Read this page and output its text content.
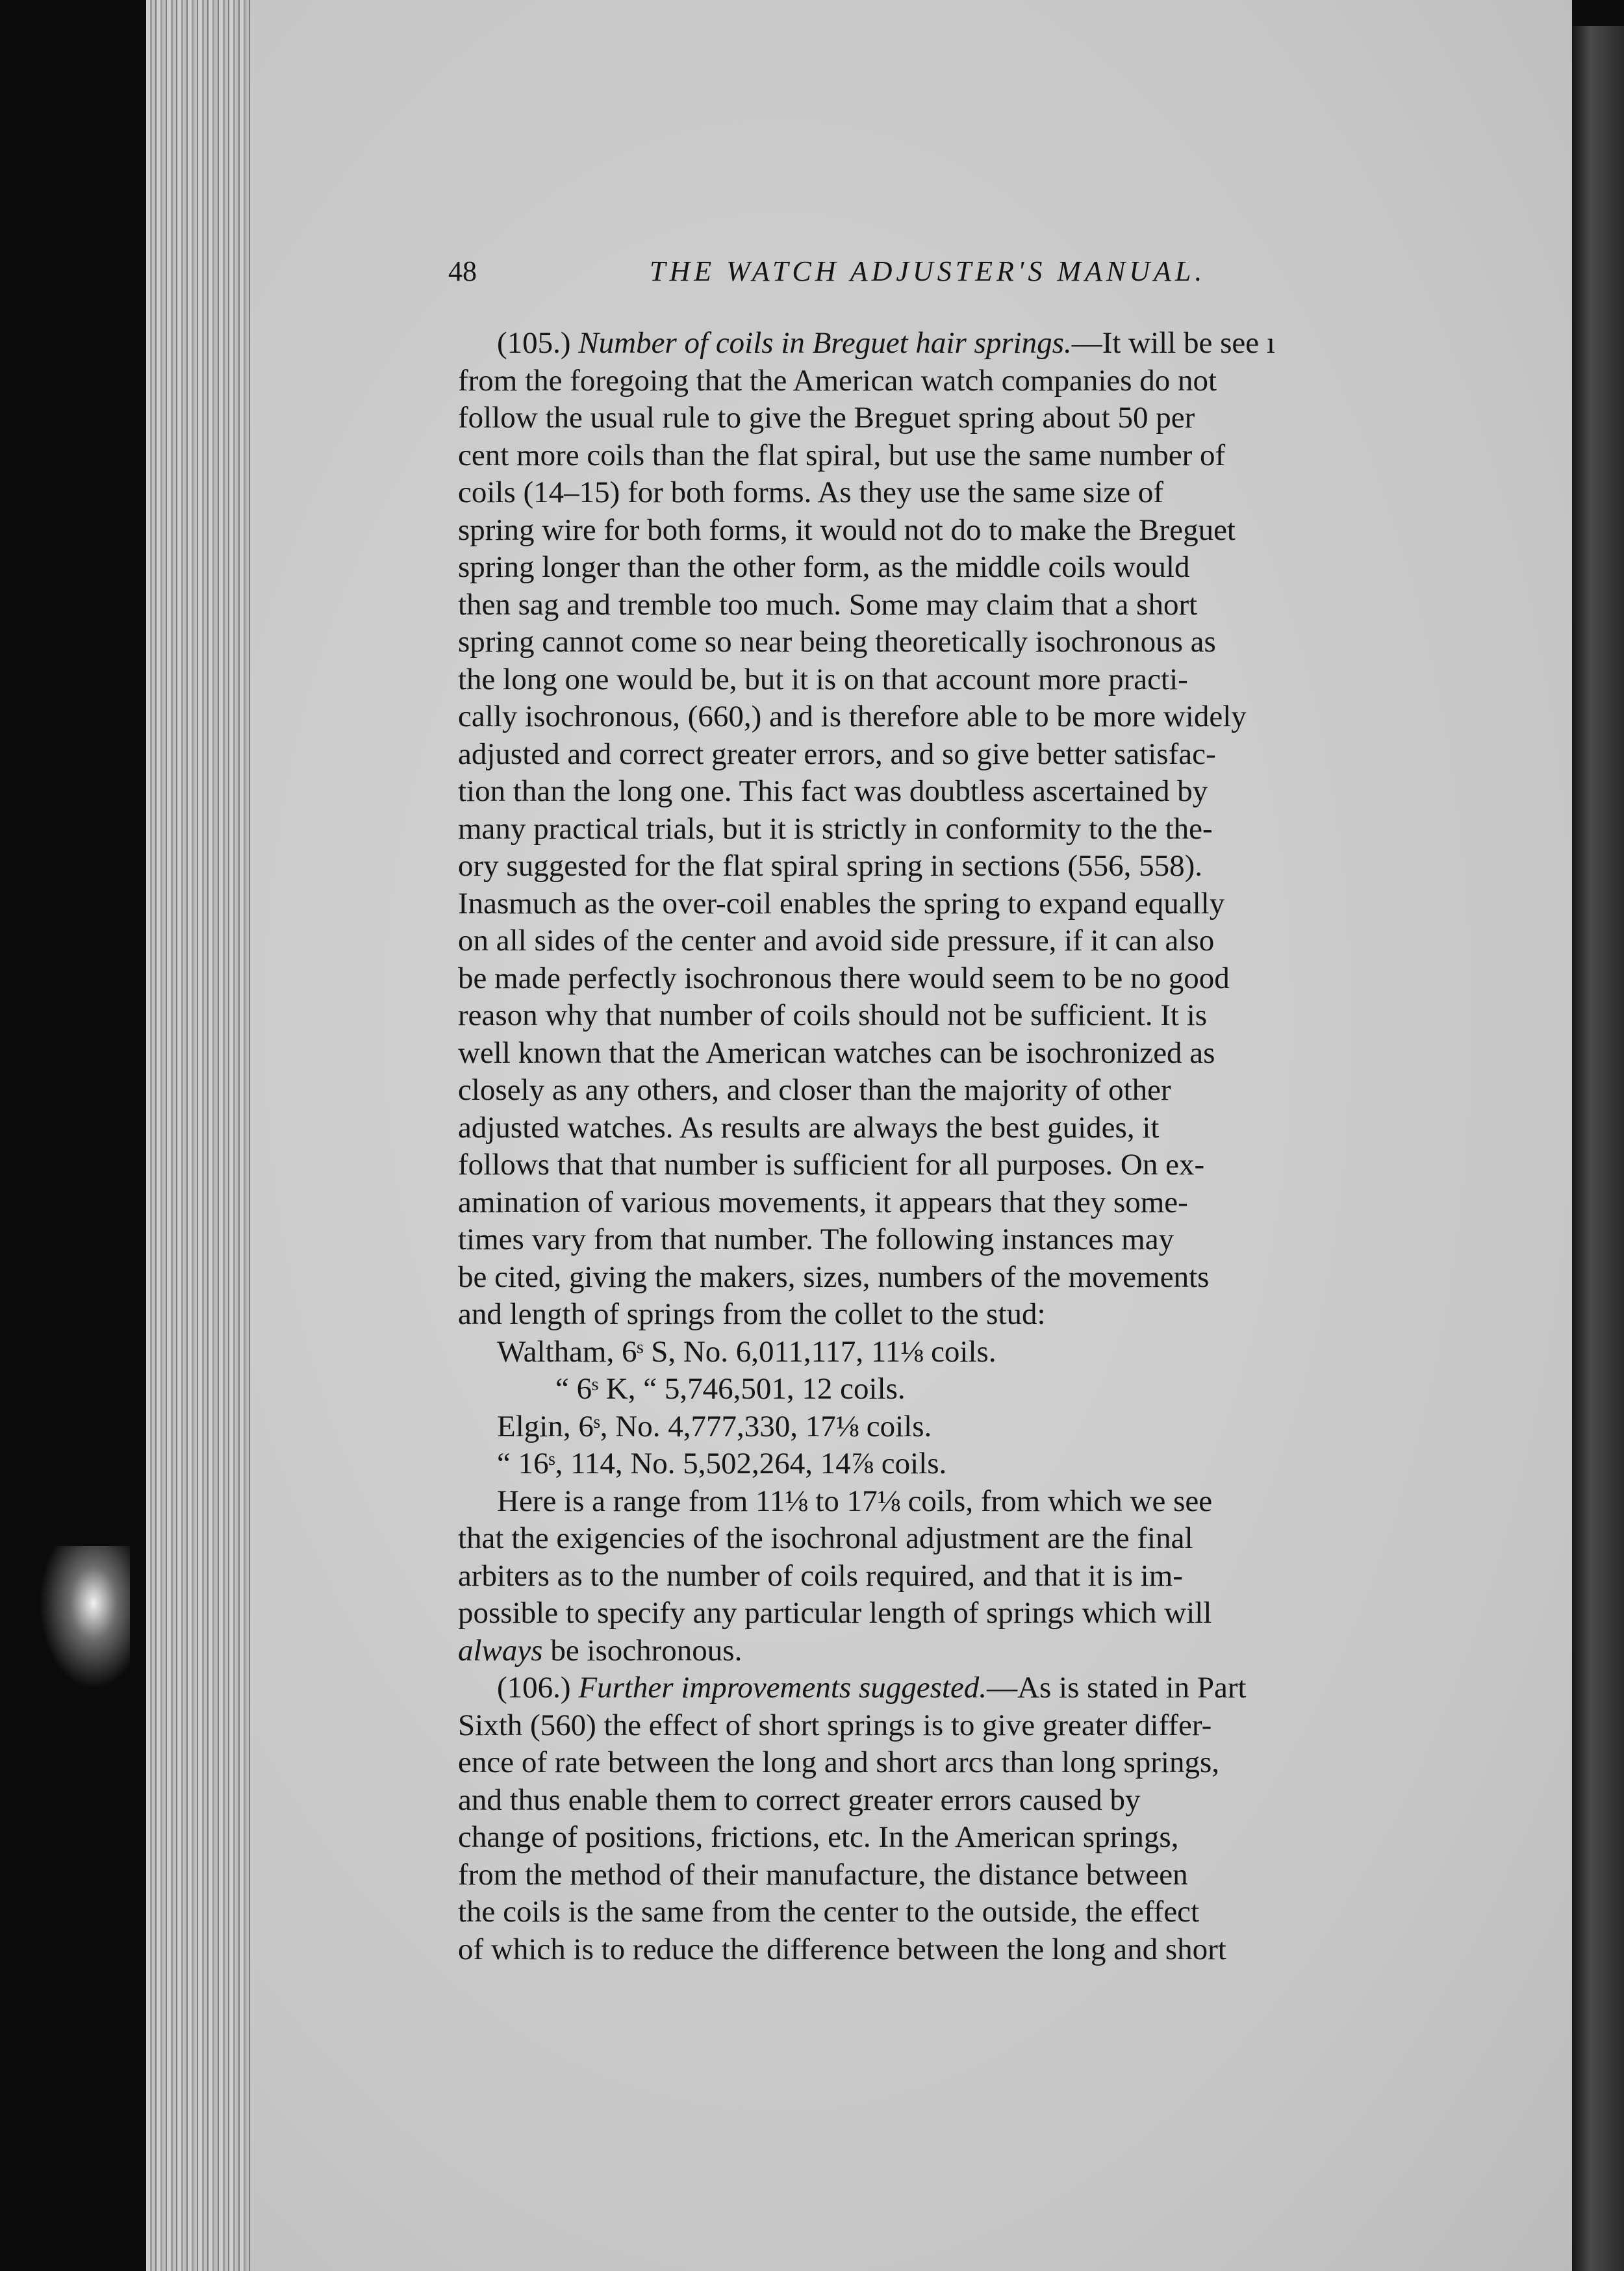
48	THE WATCH ADJUSTER'S MANUAL.
(105.) Number of coils in Breguet hair springs.—It will be see ı
from the foregoing that the American watch companies do not
follow the usual rule to give the Breguet spring about 50 per
cent more coils than the flat spiral, but use the same number of
coils (14–15) for both forms. As they use the same size of
spring wire for both forms, it would not do to make the Breguet
spring longer than the other form, as the middle coils would
then sag and tremble too much. Some may claim that a short
spring cannot come so near being theoretically isochronous as
the long one would be, but it is on that account more practi-
cally isochronous, (660,) and is therefore able to be more widely
adjusted and correct greater errors, and so give better satisfac-
tion than the long one. This fact was doubtless ascertained by
many practical trials, but it is strictly in conformity to the the-
ory suggested for the flat spiral spring in sections (556, 558).
Inasmuch as the over-coil enables the spring to expand equally
on all sides of the center and avoid side pressure, if it can also
be made perfectly isochronous there would seem to be no good
reason why that number of coils should not be sufficient. It is
well known that the American watches can be isochronized as
closely as any others, and closer than the majority of other
adjusted watches. As results are always the best guides, it
follows that that number is sufficient for all purposes. On ex-
amination of various movements, it appears that they some-
times vary from that number. The following instances may
be cited, giving the makers, sizes, numbers of the movements
and length of springs from the collet to the stud:
Waltham, 6ˢ S, No. 6,011,117, 11⅛ coils.
“ 6ˢ K, “ 5,746,501, 12 coils.
Elgin, 6ˢ, No. 4,777,330, 17⅛ coils.
“ 16ˢ, 114, No. 5,502,264, 14⅞ coils.
Here is a range from 11⅛ to 17⅛ coils, from which we see
that the exigencies of the isochronal adjustment are the final
arbiters as to the number of coils required, and that it is im-
possible to specify any particular length of springs which will
always be isochronous.
(106.) Further improvements suggested.—As is stated in Part
Sixth (560) the effect of short springs is to give greater differ-
ence of rate between the long and short arcs than long springs,
and thus enable them to correct greater errors caused by
change of positions, frictions, etc. In the American springs,
from the method of their manufacture, the distance between
the coils is the same from the center to the outside, the effect
of which is to reduce the difference between the long and short
